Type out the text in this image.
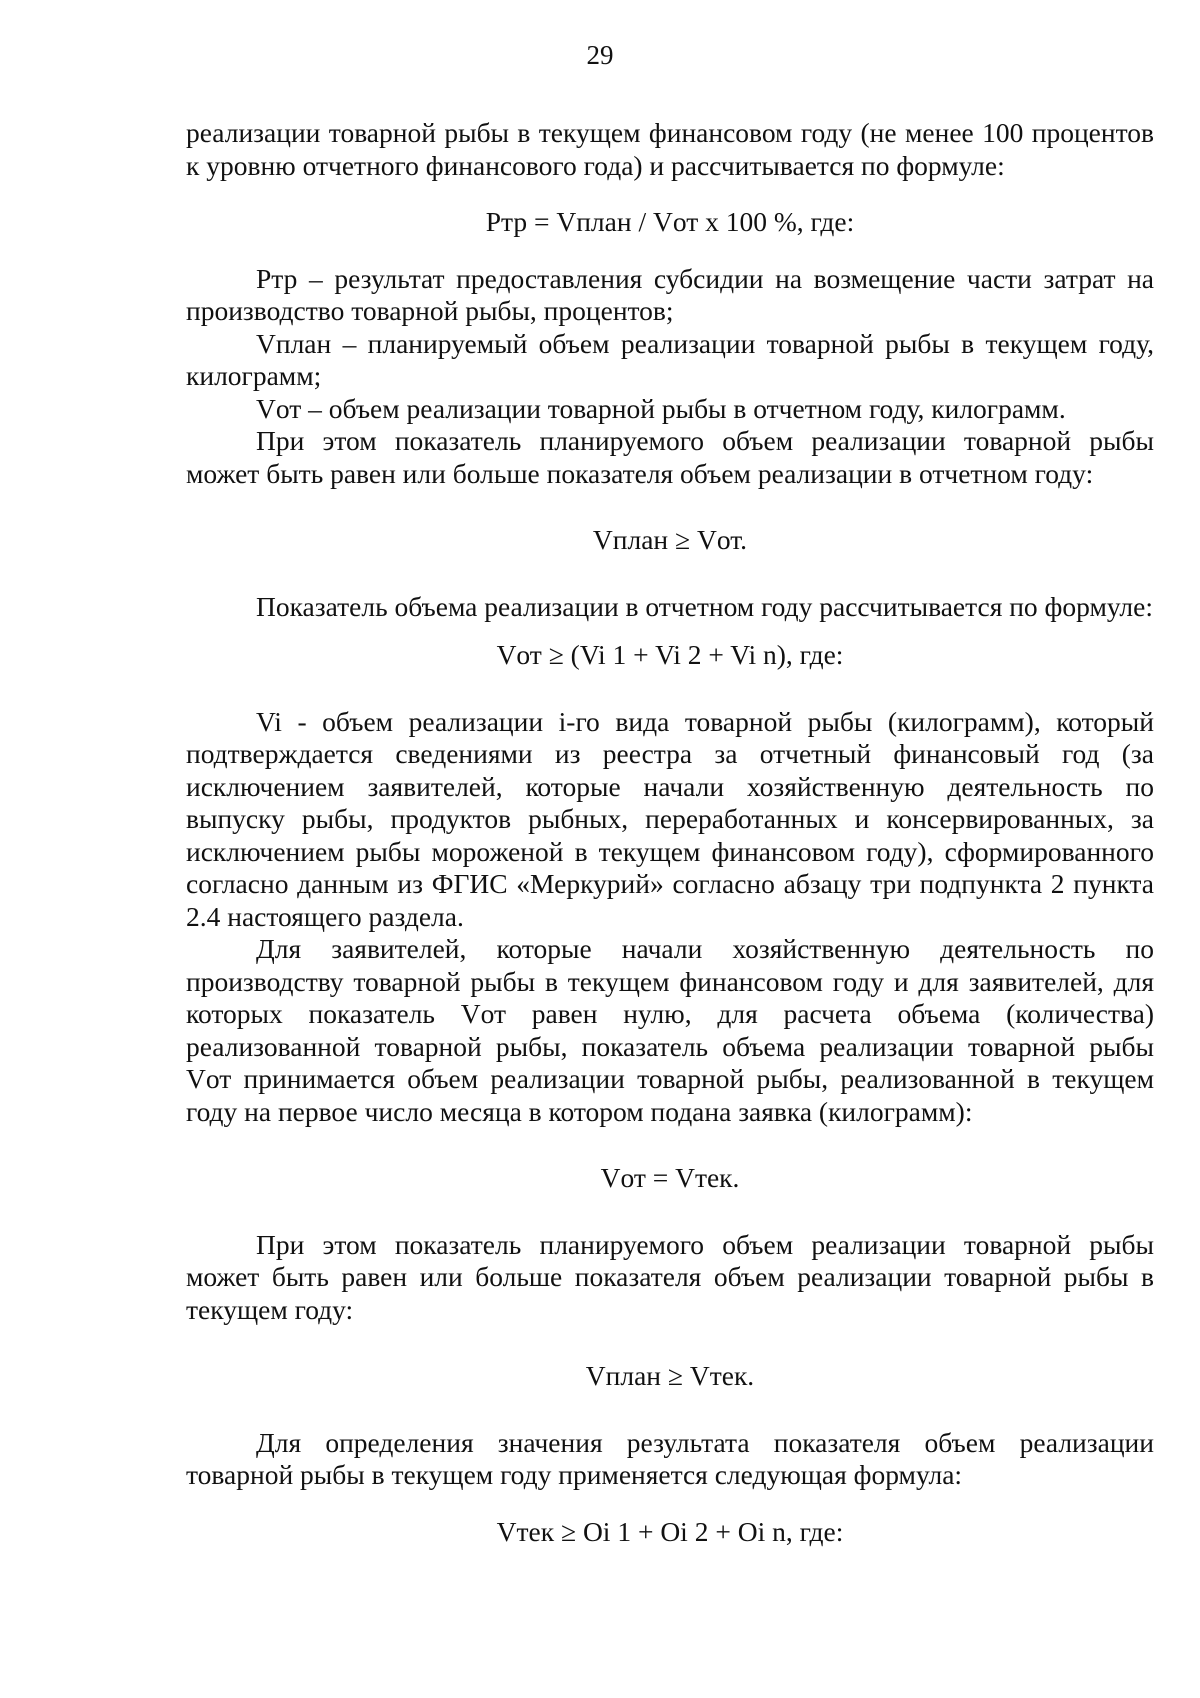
29

реализации товарной рыбы в текущем финансовом году (не менее 100 процентов к уровню отчетного финансового года) и рассчитывается по формуле:

Pтр = Vплан / Vот х 100 %, где:

Pтр – результат предоставления субсидии на возмещение части затрат на производство товарной рыбы, процентов;

Vплан – планируемый объем реализации товарной рыбы в текущем году, килограмм;

Vот – объем реализации товарной рыбы в отчетном году, килограмм.

При этом показатель планируемого объем реализации товарной рыбы может быть равен или больше показателя объем реализации в отчетном году:

Vплан ≥ Vот.

Показатель объема реализации в отчетном году рассчитывается по формуле:

Vот ≥ (Vi 1 + Vi 2 + Vi n), где:

Vi - объем реализации i-го вида товарной рыбы (килограмм), который подтверждается сведениями из реестра за отчетный финансовый год (за исключением заявителей, которые начали хозяйственную деятельность по выпуску рыбы, продуктов рыбных, переработанных и консервированных, за исключением рыбы мороженой в текущем финансовом году), сформированного согласно данным из ФГИС «Меркурий» согласно абзацу три подпункта 2 пункта 2.4 настоящего раздела.

Для заявителей, которые начали хозяйственную деятельность по производству товарной рыбы в текущем финансовом году и для заявителей, для которых показатель Vот равен нулю, для расчета объема (количества) реализованной товарной рыбы, показатель объема реализации товарной рыбы Vот принимается объем реализации товарной рыбы, реализованной в текущем году на первое число месяца в котором подана заявка (килограмм):

Vот = Vтек.

При этом показатель планируемого объем реализации товарной рыбы может быть равен или больше показателя объем реализации товарной рыбы в текущем году:

Vплан ≥ Vтек.

Для определения значения результата показателя объем реализации товарной рыбы в текущем году применяется следующая формула:

Vтек ≥ Oi 1 + Oi 2 + Oi n, где:
